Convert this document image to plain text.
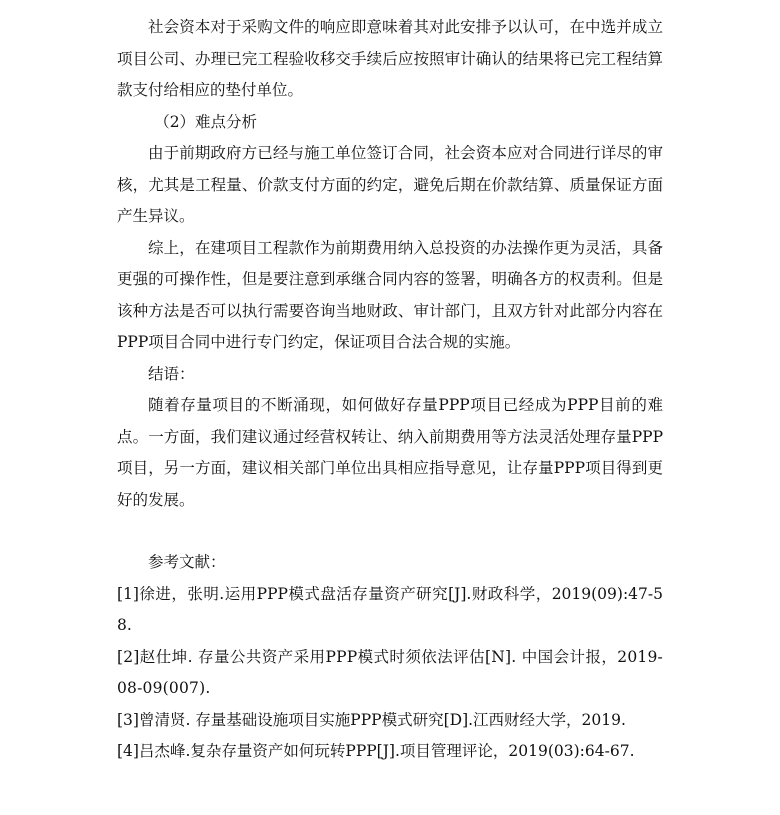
社会资本对于采购文件的响应即意味着其对此安排予以认可，在中选并成立项目公司、办理已完工程验收移交手续后应按照审计确认的结果将已完工程结算款支付给相应的垫付单位。

（2）难点分析

由于前期政府方已经与施工单位签订合同，社会资本应对合同进行详尽的审核，尤其是工程量、价款支付方面的约定，避免后期在价款结算、质量保证方面产生异议。

综上，在建项目工程款作为前期费用纳入总投资的办法操作更为灵活，具备更强的可操作性，但是要注意到承继合同内容的签署，明确各方的权责利。但是该种方法是否可以执行需要咨询当地财政、审计部门，且双方针对此部分内容在PPP项目合同中进行专门约定，保证项目合法合规的实施。

结语：

随着存量项目的不断涌现，如何做好存量PPP项目已经成为PPP目前的难点。一方面，我们建议通过经营权转让、纳入前期费用等方法灵活处理存量PPP项目，另一方面，建议相关部门单位出具相应指导意见，让存量PPP项目得到更好的发展。

参考文献：

[1]徐进，张明.运用PPP模式盘活存量资产研究[J].财政科学，2019(09):47-58.

[2]赵仕坤. 存量公共资产采用PPP模式时须依法评估[N]. 中国会计报，2019-08-09(007).

[3]曾清贤. 存量基础设施项目实施PPP模式研究[D].江西财经大学，2019.

[4]吕杰峰.复杂存量资产如何玩转PPP[J].项目管理评论，2019(03):64-67.
